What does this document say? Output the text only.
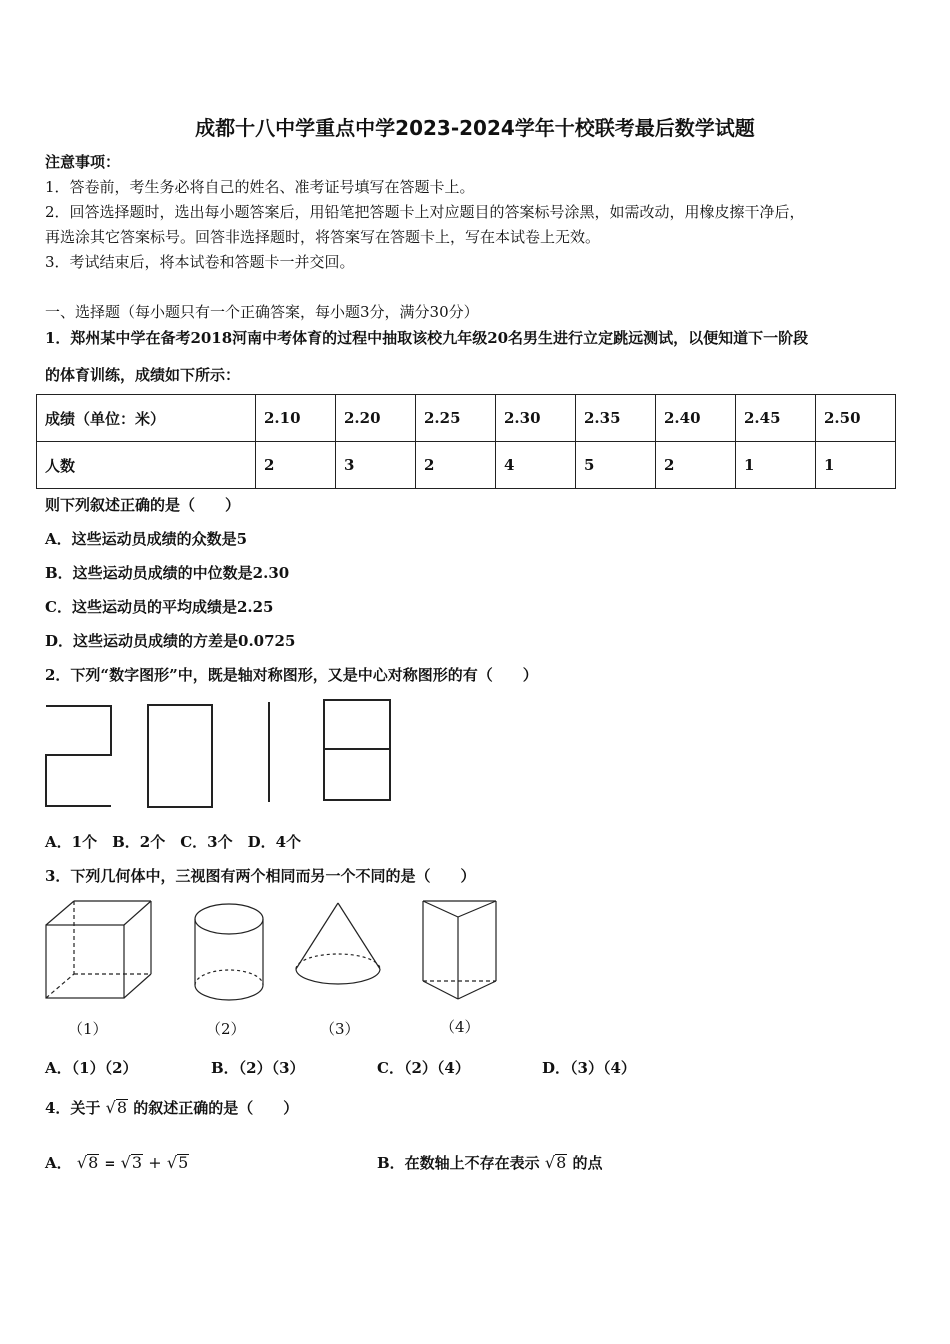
成都十八中学重点中学2023-2024学年十校联考最后数学试题
注意事项：
1．答卷前，考生务必将自己的姓名、准考证号填写在答题卡上。
2．回答选择题时，选出每小题答案后，用铅笔把答题卡上对应题目的答案标号涂黑，如需改动，用橡皮擦干净后，
再选涂其它答案标号。回答非选择题时，将答案写在答题卡上，写在本试卷上无效。
3．考试结束后，将本试卷和答题卡一并交回。
一、选择题（每小题只有一个正确答案，每小题3分，满分30分）
1．郑州某中学在备考2018河南中考体育的过程中抽取该校九年级20名男生进行立定跳远测试，以便知道下一阶段
的体育训练，成绩如下所示：
成绩（单位：米）	2.10	2.20	2.25	2.30	2.35	2.40	2.45	2.50
人数	2	3	2	4	5	2	1	1
则下列叙述正确的是（　　）
A．这些运动员成绩的众数是5
B．这些运动员成绩的中位数是2.30
C．这些运动员的平均成绩是2.25
D．这些运动员成绩的方差是0.0725
2．下列“数字图形”中，既是轴对称图形，又是中心对称图形的有（　　）
A．1个　B．2个　C．3个　D．4个
3．下列几何体中，三视图有两个相同而另一个不同的是（　　）
（1）	（2）	（3）	（4）
A．（1）（2）	B．（2）（3）	C．（2）（4）	D．（3）（4）
4．关于 √8 的叙述正确的是（　　）
A． √8 = √3 + √5	B．在数轴上不存在表示 √8 的点
